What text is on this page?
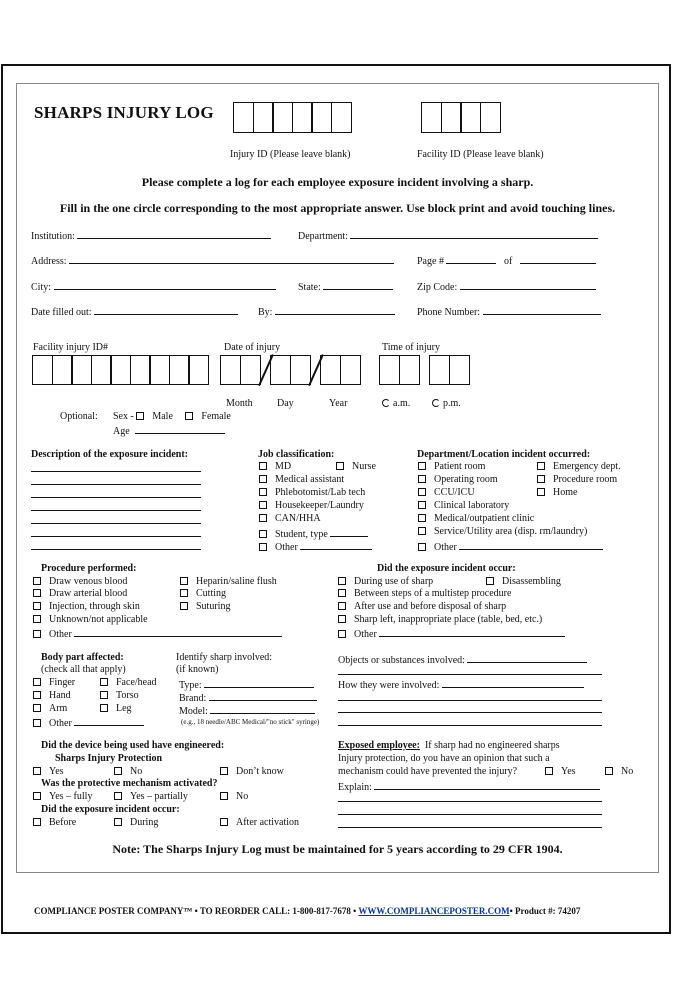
SHARPS INJURY LOG
Injury ID (Please leave blank)	Facility ID (Please leave blank)
Please complete a log for each employee exposure incident involving a sharp.
Fill in the one circle corresponding to the most appropriate answer. Use block print and avoid touching lines.
Institution:	Department:
Address:	Page #	of
City:	State:	Zip Code:
Date filled out:	By:	Phone Number:
Facility injury ID#	Date of injury	Time of injury
Month Day	Year	a.m.	p.m.
Optional: Sex - Male	Female
Age
Description of the exposure incident:	Job classification:
MD	Nurse
Medical assistant
Phlebotomist/Lab tech
Housekeeper/Laundry
CAN/HHA
Student, type
Other
Department/Location incident occurred:
Patient room	Emergency dept.
Operating room	Procedure room
CCU/ICU	Home
Clinical laboratory
Medical/outpatient clinic
Service/Utility area (disp. rm/laundry)
Other
Procedure performed:
Draw venous blood
Draw arterial blood
Injection, through skin
Unknown/not applicable
Other
Heparin/saline flush
Cutting
Suturing
Did the exposure incident occur:
During use of sharp	Disassembling
Between steps of a multistep procedure
After use and before disposal of sharp
Sharp left, inappropriate place (table, bed, etc.)
Other
Body part affected:
(check all that apply)
Finger	Face/head
Hand	Torso
Arm	Leg
Other
Identify sharp involved:
(if known)
Type:
Brand:
Model:
(e.g., 18 needle/ABC Medical/"no stick" syringe)
Objects or substances involved:
How they were involved:
Did the device being used have engineered:
Sharps Injury Protection
Yes	No	Don’t know
Was the protective mechanism activated?
Yes – fully	Yes – partially	No
Did the exposure incident occur:
Before	During	After activation
Exposed employee: If sharp had no engineered sharps
Injury protection, do you have an opinion that such a
mechanism could have prevented the injury?	Yes	No
Explain:
Note: The Sharps Injury Log must be maintained for 5 years according to 29 CFR 1904.
COMPLIANCE POSTER COMPANY™ • TO REORDER CALL: 1-800-817-7678 • WWW.COMPLIANCEPOSTER.COM• Product #: 74207
